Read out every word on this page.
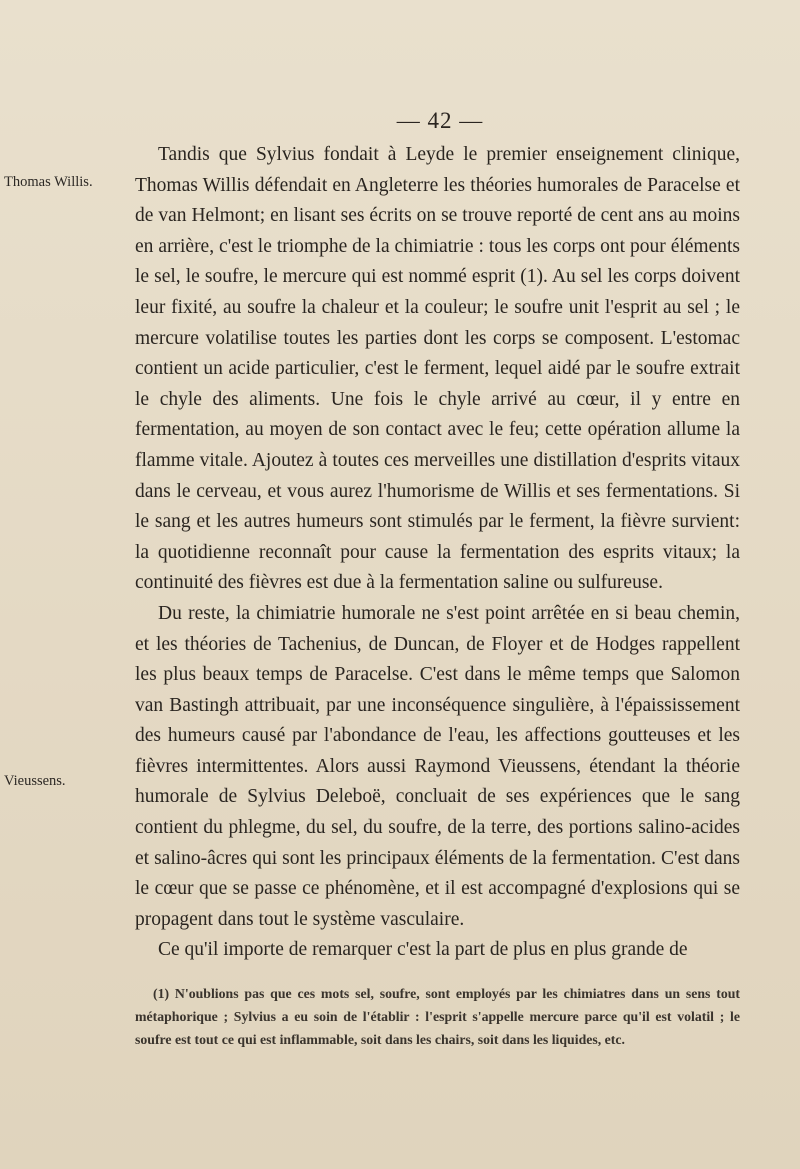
— 42 —
Thomas Willis.
Vieussens.

Tandis que Sylvius fondait à Leyde le premier enseignement clinique, Thomas Willis défendait en Angleterre les théories humorales de Paracelse et de van Helmont; en lisant ses écrits on se trouve reporté de cent ans au moins en arrière, c'est le triomphe de la chimiatrie : tous les corps ont pour éléments le sel, le soufre, le mercure qui est nommé esprit (1). Au sel les corps doivent leur fixité, au soufre la chaleur et la couleur; le soufre unit l'esprit au sel ; le mercure volatilise toutes les parties dont les corps se composent. L'estomac contient un acide particulier, c'est le ferment, lequel aidé par le soufre extrait le chyle des aliments. Une fois le chyle arrivé au cœur, il y entre en fermentation, au moyen de son contact avec le feu; cette opération allume la flamme vitale. Ajoutez à toutes ces merveilles une distillation d'esprits vitaux dans le cerveau, et vous aurez l'humorisme de Willis et ses fermentations. Si le sang et les autres humeurs sont stimulés par le ferment, la fièvre survient: la quotidienne reconnaît pour cause la fermentation des esprits vitaux; la continuité des fièvres est due à la fermentation saline ou sulfureuse.

Du reste, la chimiatrie humorale ne s'est point arrêtée en si beau chemin, et les théories de Tachenius, de Duncan, de Floyer et de Hodges rappellent les plus beaux temps de Paracelse. C'est dans le même temps que Salomon van Bastingh attribuait, par une inconséquence singulière, à l'épaississement des humeurs causé par l'abondance de l'eau, les affections goutteuses et les fièvres intermittentes. Alors aussi Raymond Vieussens, étendant la théorie humorale de Sylvius Deleboë, concluait de ses expériences que le sang contient du phlegme, du sel, du soufre, de la terre, des portions salino-acides et salino-âcres qui sont les principaux éléments de la fermentation. C'est dans le cœur que se passe ce phénomène, et il est accompagné d'explosions qui se propagent dans tout le système vasculaire.

Ce qu'il importe de remarquer c'est la part de plus en plus grande de

(1) N'oublions pas que ces mots sel, soufre, sont employés par les chimiatres dans un sens tout métaphorique ; Sylvius a eu soin de l'établir : l'esprit s'appelle mercure parce qu'il est volatil ; le soufre est tout ce qui est inflammable, soit dans les chairs, soit dans les liquides, etc.
